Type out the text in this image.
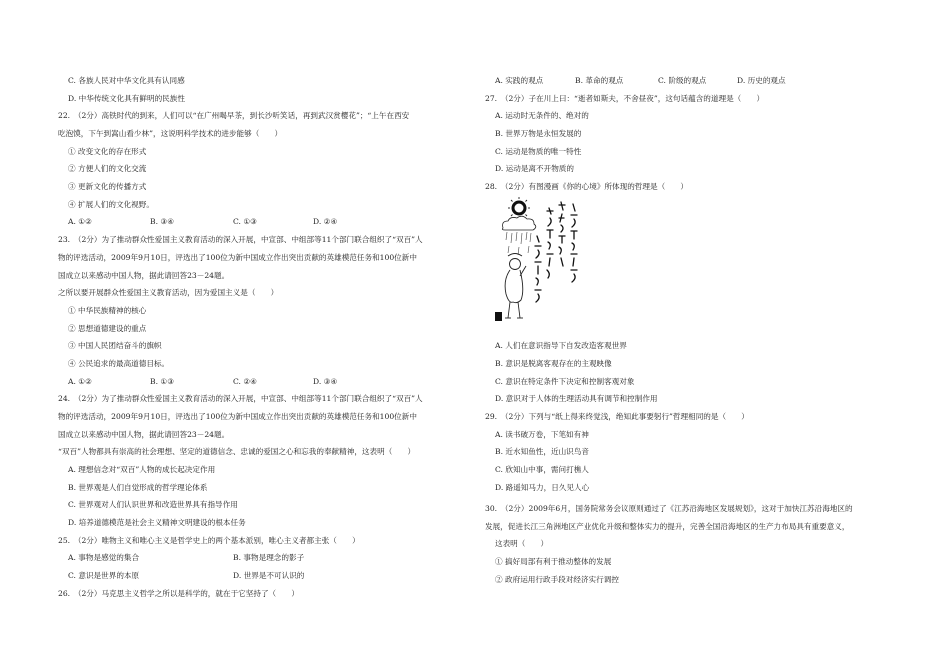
C. 各族人民对中华文化具有认同感
D. 中华传统文化具有鲜明的民族性
22.　（2分）高铁时代的到来，人们可以“在广州喝早茶，到长沙听笑话，再到武汉赏樱花”；“上午在西安
吃泡馍，下午到嵩山看少林”，这说明科学技术的进步能够（　　）
① 改变文化的存在形式
② 方便人们的文化交流
③ 更新文化的传播方式
④ 扩展人们的文化视野。
A. ①②	B. ③④	C. ①③	D. ②④
23.　（2分）为了推动群众性爱国主义教育活动的深入开展，中宣部、中组部等11个部门联合组织了“双百”人
物的评选活动，2009年9月10日，评选出了100位为新中国成立作出突出贡献的英雄模范任务和100位新中
国成立以来感动中国人物，据此请回答23－24题。
之所以要开展群众性爱国主义教育活动，因为爱国主义是（　　）
① 中华民族精神的核心
② 思想道德建设的重点
③ 中国人民团结奋斗的旗帜
④ 公民追求的最高道德目标。
A. ①②	B. ①③	C. ②④	D. ③④
24.　（2分）为了推动群众性爱国主义教育活动的深入开展，中宣部、中组部等11个部门联合组织了“双百”人
物的评选活动，2009年9月10日，评选出了100位为新中国成立作出突出贡献的英雄模范任务和100位新中
国成立以来感动中国人物，据此请回答23－24题。
“双百”人物都具有崇高的社会理想、坚定的道德信念、忠诚的爱国之心和忘我的奉献精神，这表明（　　）
A. 理想信念对“双百”人物的成长起决定作用
B. 世界观是人们自觉形成的哲学理论体系
C. 世界观对人们认识世界和改造世界具有指导作用
D. 培养道德模范是社会主义精神文明建设的根本任务
25.　（2分）唯物主义和唯心主义是哲学史上的两个基本派别，唯心主义者都主张（　　）
A. 事物是感觉的集合	B. 事物是理念的影子
C. 意识是世界的本原	D. 世界是不可认识的
26.　（2分）马克思主义哲学之所以是科学的，就在于它坚持了（　　）
A. 实践的观点	B. 革命的观点	C. 阶级的观点	D. 历史的观点
27.　（2分）子在川上曰：“逝者如斯夫，不舍昼夜”，这句话蕴含的道理是（　　）
A. 运动时无条件的、绝对的
B. 世界万物是永恒发展的
C. 运动是物质的唯一特性
D. 运动是离不开物质的
28.　（2分）有图漫画《你的心境》所体现的哲理是（　　）
A. 人们在意识指导下自发改造客观世界
B. 意识是脱离客观存在的主观映像
C. 意识在特定条件下决定和控制客观对象
D. 意识对于人体的生理活动具有调节和控制作用
29.　（2分）下列与“纸上得来终觉浅，绝知此事要躬行”哲理相同的是（　　）
A. 读书破万卷，下笔如有神
B. 近水知鱼性，近山识鸟音
C. 欣知山中事，需问打樵人
D. 路遥知马力，日久见人心
30.　（2分）2009年6月，国务院常务会议原则通过了《江苏沿海地区发展规划》，这对于加快江苏沿海地区的
发展，促进长江三角洲地区产业优化升级和整体实力的提升，完善全国沿海地区的生产力布局具有重要意义，
这表明（　　）
① 搞好局部有利于推动整体的发展
② 政府运用行政手段对经济实行调控
